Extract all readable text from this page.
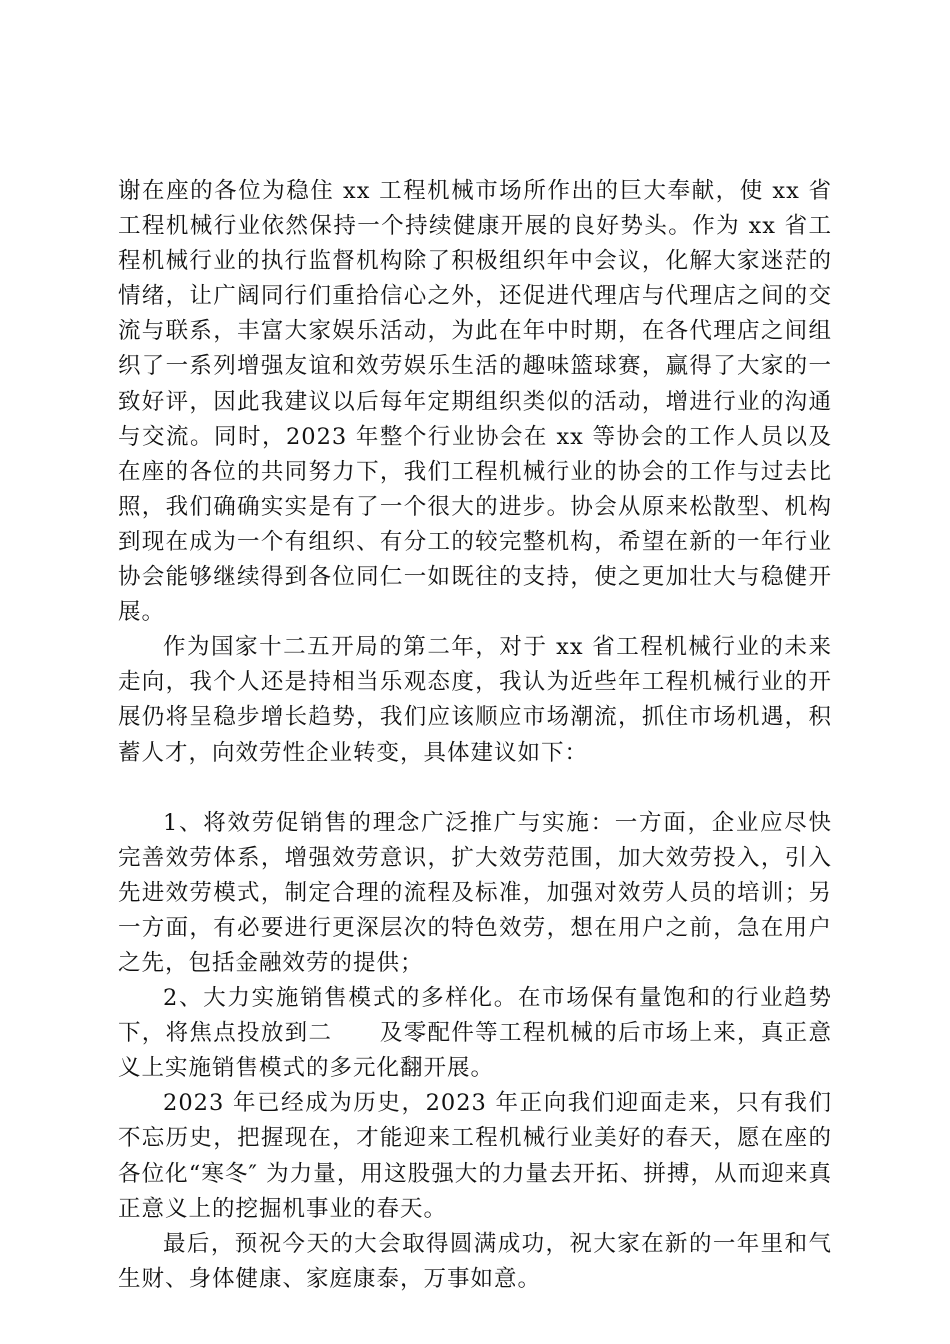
谢在座的各位为稳住 xx 工程机械市场所作出的巨大奉献，使 xx 省工程机械行业依然保持一个持续健康开展的良好势头。作为 xx 省工程机械行业的执行监督机构除了积极组织年中会议，化解大家迷茫的情绪，让广阔同行们重拾信心之外，还促进代理店与代理店之间的交流与联系，丰富大家娱乐活动，为此在年中时期，在各代理店之间组织了一系列增强友谊和效劳娱乐生活的趣味篮球赛，赢得了大家的一致好评，因此我建议以后每年定期组织类似的活动，增进行业的沟通与交流。同时，2023 年整个行业协会在 xx 等协会的工作人员以及在座的各位的共同努力下，我们工程机械行业的协会的工作与过去比照，我们确确实实是有了一个很大的进步。协会从原来松散型、机构到现在成为一个有组织、有分工的较完整机构，希望在新的一年行业协会能够继续得到各位同仁一如既往的支持，使之更加壮大与稳健开展。

作为国家十二五开局的第二年，对于 xx 省工程机械行业的未来走向，我个人还是持相当乐观态度，我认为近些年工程机械行业的开展仍将呈稳步增长趋势，我们应该顺应市场潮流，抓住市场机遇，积蓄人才，向效劳性企业转变，具体建议如下：

1、将效劳促销售的理念广泛推广与实施：一方面，企业应尽快完善效劳体系，增强效劳意识，扩大效劳范围，加大效劳投入，引入先进效劳模式，制定合理的流程及标准，加强对效劳人员的培训；另一方面，有必要进行更深层次的特色效劳，想在用户之前，急在用户之先，包括金融效劳的提供；

2、大力实施销售模式的多样化。在市场保有量饱和的行业趋势下，将焦点投放到二　　及零配件等工程机械的后市场上来，真正意义上实施销售模式的多元化翻开展。

2023 年已经成为历史，2023 年正向我们迎面走来，只有我们不忘历史，把握现在，才能迎来工程机械行业美好的春天，愿在座的各位化“寒冬″ 为力量，用这股强大的力量去开拓、拼搏，从而迎来真正意义上的挖掘机事业的春天。

最后，预祝今天的大会取得圆满成功，祝大家在新的一年里和气生财、身体健康、家庭康泰，万事如意。
